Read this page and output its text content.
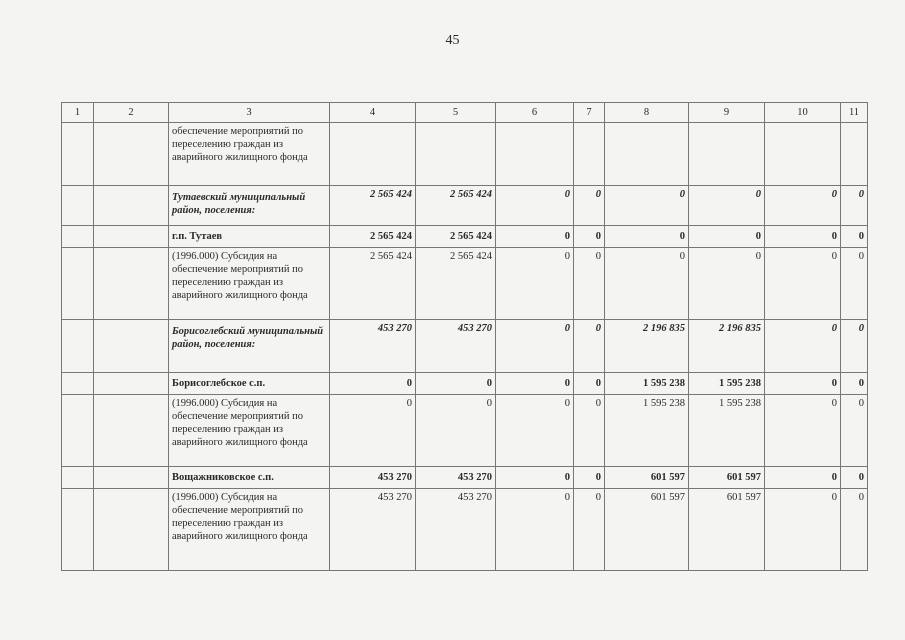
45
1	2	3	4	5	6	7	8	9	10	11
		обеспечение мероприятий по переселению граждан из аварийного жилищного фонда								
		Тутаевский муниципальный район, поселения:	2 565 424	2 565 424	0	0	0	0	0	0
		г.п. Тутаев	2 565 424	2 565 424	0	0	0	0	0	0
		(1996.000) Субсидия на обеспечение мероприятий по переселению граждан из аварийного жилищного фонда	2 565 424	2 565 424	0	0	0	0	0	0
		Борисоглебский муниципальный район, поселения:	453 270	453 270	0	0	2 196 835	2 196 835	0	0
		Борисоглебское с.п.	0	0	0	0	1 595 238	1 595 238	0	0
		(1996.000) Субсидия на обеспечение мероприятий по переселению граждан из аварийного жилищного фонда	0	0	0	0	1 595 238	1 595 238	0	0
		Вощажниковское с.п.	453 270	453 270	0	0	601 597	601 597	0	0
		(1996.000) Субсидия на обеспечение мероприятий по переселению граждан из аварийного жилищного фонда	453 270	453 270	0	0	601 597	601 597	0	0
